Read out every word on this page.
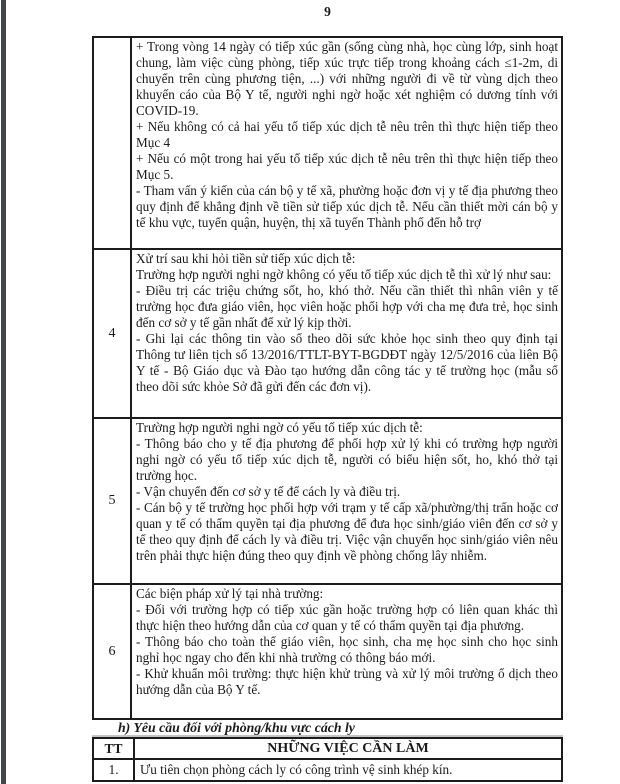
9

+ Trong vòng 14 ngày có tiếp xúc gần (sống cùng nhà, học cùng lớp, sinh hoạt chung, làm việc cùng phòng, tiếp xúc trực tiếp trong khoảng cách ≤1-2m, di chuyển trên cùng phương tiện, ...) với những người đi về từ vùng dịch theo khuyến cáo của Bộ Y tế, người nghi ngờ hoặc xét nghiệm có dương tính với COVID-19.

+ Nếu không có cả hai yếu tố tiếp xúc dịch tễ nêu trên thì thực hiện tiếp theo Mục 4

+ Nếu có một trong hai yếu tố tiếp xúc dịch tễ nêu trên thì thực hiện tiếp theo Mục 5.

- Tham vấn ý kiến của cán bộ y tế xã, phường hoặc đơn vị y tế địa phương theo quy định để khẳng định về tiền sử tiếp xúc dịch tễ. Nếu cần thiết mời cán bộ y tế khu vực, tuyến quận, huyện, thị xã tuyến Thành phố đến hỗ trợ

4

Xử trí sau khi hỏi tiền sử tiếp xúc dịch tễ:

Trường hợp người nghi ngờ không có yếu tố tiếp xúc dịch tễ thì xử lý như sau:

- Điều trị các triệu chứng sốt, ho, khó thở. Nếu cần thiết thì nhân viên y tế trường học đưa giáo viên, học viên hoặc phối hợp với cha mẹ đưa trẻ, học sinh đến cơ sở y tế gần nhất để xử lý kịp thời.

- Ghi lại các thông tin vào sổ theo dõi sức khỏe học sinh theo quy định tại Thông tư liên tịch số 13/2016/TTLT-BYT-BGDĐT ngày 12/5/2016 của liên Bộ Y tế - Bộ Giáo dục và Đào tạo hướng dẫn công tác y tế trường học (mẫu sổ theo dõi sức khỏe Sở đã gửi đến các đơn vị).

5

Trường hợp người nghi ngờ có yếu tố tiếp xúc dịch tễ:

- Thông báo cho y tế địa phương để phối hợp xử lý khi có trường hợp người nghi ngờ có yếu tố tiếp xúc dịch tễ, người có biểu hiện sốt, ho, khó thở tại trường học.

- Vận chuyển đến cơ sở y tế để cách ly và điều trị.

- Cán bộ y tế trường học phối hợp với trạm y tế cấp xã/phường/thị trấn hoặc cơ quan y tế có thẩm quyền tại địa phương để đưa học sinh/giáo viên đến cơ sở y tế theo quy định để cách ly và điều trị. Việc vận chuyển học sinh/giáo viên nêu trên phải thực hiện đúng theo quy định về phòng chống lây nhiễm.

6

Các biện pháp xử lý tại nhà trường:

- Đối với trường hợp có tiếp xúc gần hoặc trường hợp có liên quan khác thì thực hiện theo hướng dẫn của cơ quan y tế có thẩm quyền tại địa phương.

- Thông báo cho toàn thể giáo viên, học sinh, cha mẹ học sinh cho học sinh nghỉ học ngay cho đến khi nhà trường có thông báo mới.

- Khử khuẩn môi trường: thực hiện khử trùng và xử lý môi trường ổ dịch theo hướng dẫn của Bộ Y tế.

h) Yêu cầu đối với phòng/khu vực cách ly
TT	NHỮNG VIỆC CẦN LÀM
1. Ưu tiên chọn phòng cách ly có công trình vệ sinh khép kín.
